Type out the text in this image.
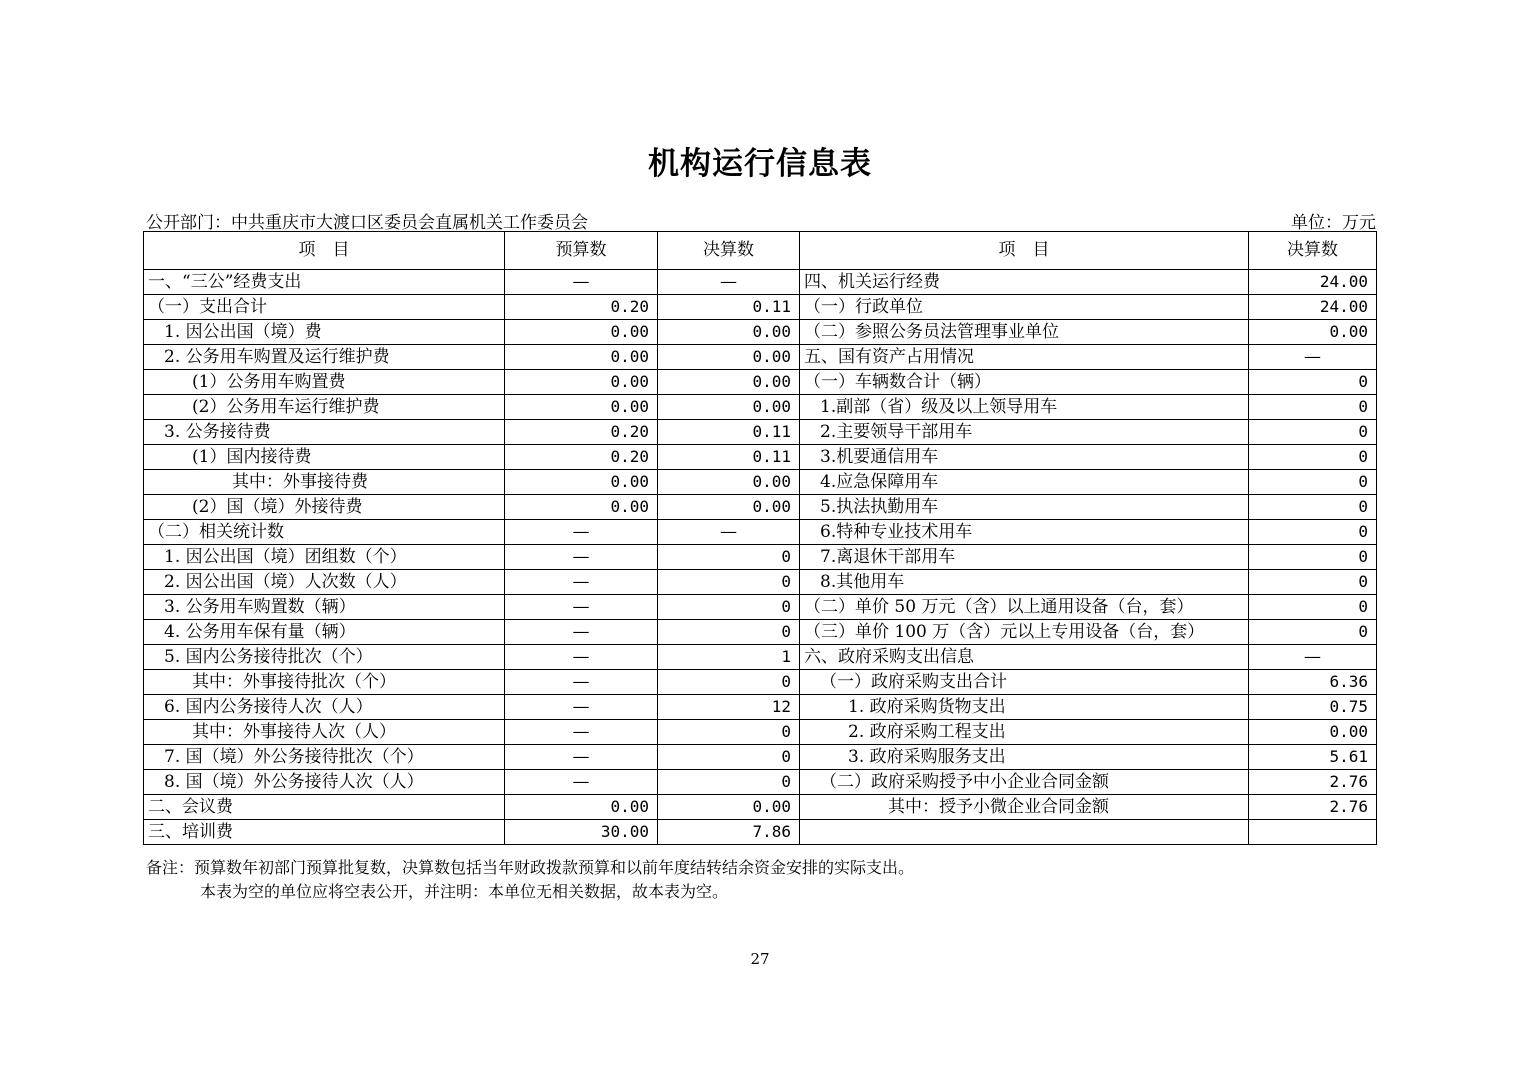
机构运行信息表
公开部门：中共重庆市大渡口区委员会直属机关工作委员会	单位：万元
项　目	预算数	决算数	项　目	决算数
一、“三公”经费支出	—	—	四、机关运行经费	24.00
（一）支出合计	0.20	0.11	（一）行政单位	24.00
1. 因公出国（境）费	0.00	0.00	（二）参照公务员法管理事业单位	0.00
2. 公务用车购置及运行维护费	0.00	0.00	五、国有资产占用情况	—
(1）公务用车购置费	0.00	0.00	（一）车辆数合计（辆）	0
(2）公务用车运行维护费	0.00	0.00	1.副部（省）级及以上领导用车	0
3. 公务接待费	0.20	0.11	2.主要领导干部用车	0
(1）国内接待费	0.20	0.11	3.机要通信用车	0
其中：外事接待费	0.00	0.00	4.应急保障用车	0
(2）国（境）外接待费	0.00	0.00	5.执法执勤用车	0
（二）相关统计数	—	—	6.特种专业技术用车	0
1. 因公出国（境）团组数（个）	—	0	7.离退休干部用车	0
2. 因公出国（境）人次数（人）	—	0	8.其他用车	0
3. 公务用车购置数（辆）	—	0	（二）单价 50 万元（含）以上通用设备（台，套）	0
4. 公务用车保有量（辆）	—	0	（三）单价 100 万（含）元以上专用设备（台，套）	0
5. 国内公务接待批次（个）	—	1	六、政府采购支出信息	—
其中：外事接待批次（个）	—	0	（一）政府采购支出合计	6.36
6. 国内公务接待人次（人）	—	12	1. 政府采购货物支出	0.75
其中：外事接待人次（人）	—	0	2. 政府采购工程支出	0.00
7. 国（境）外公务接待批次（个）	—	0	3. 政府采购服务支出	5.61
8. 国（境）外公务接待人次（人）	—	0	（二）政府采购授予中小企业合同金额	2.76
二、会议费	0.00	0.00	其中：授予小微企业合同金额	2.76
三、培训费	30.00	7.86		
备注：预算数年初部门预算批复数，决算数包括当年财政拨款预算和以前年度结转结余资金安排的实际支出。
本表为空的单位应将空表公开，并注明：本单位无相关数据，故本表为空。
27
